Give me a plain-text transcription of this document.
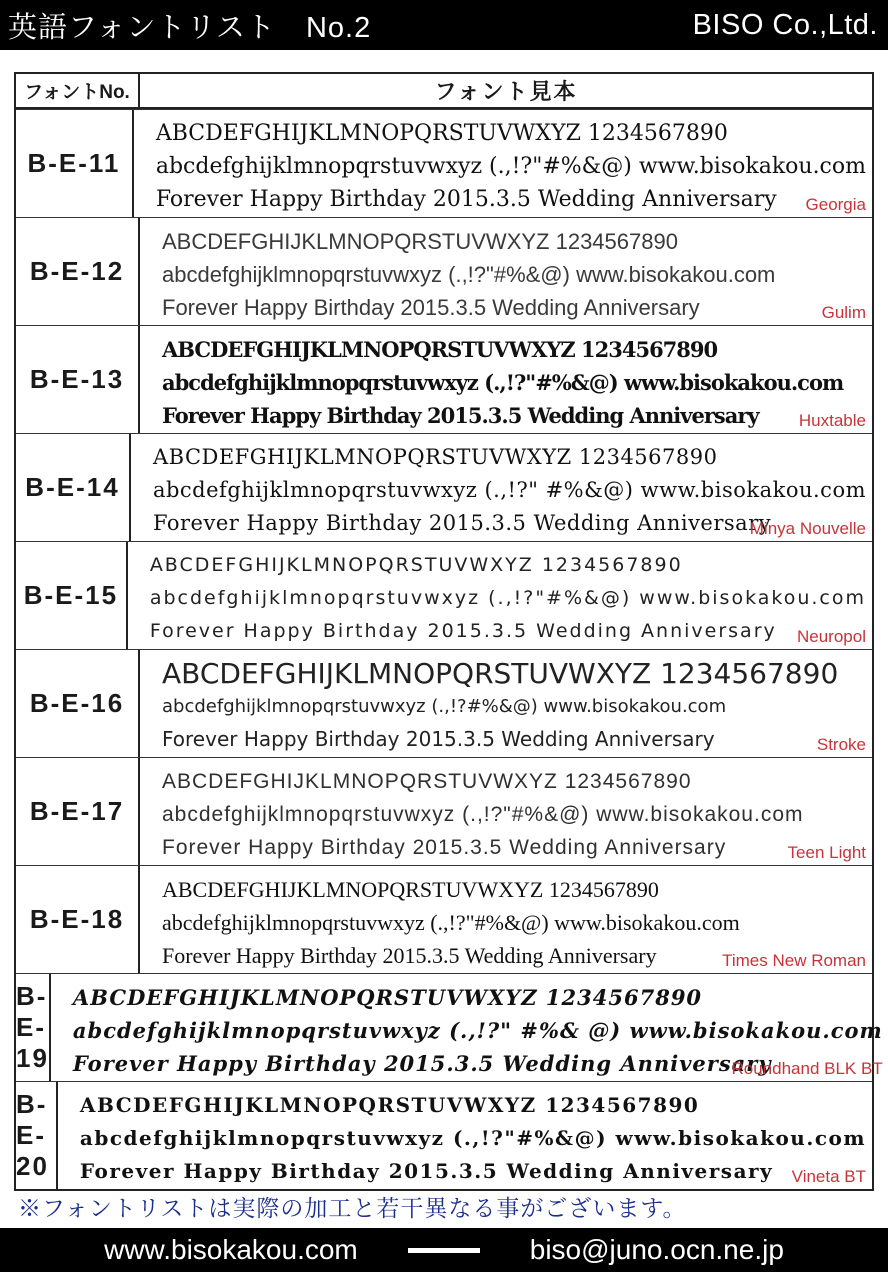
英語フォントリスト　No.2	BISO Co.,Ltd.
フォントNo.	フォント見本
B-E-11
ABCDEFGHIJKLMNOPQRSTUVWXYZ 1234567890
abcdefghijklmnopqrstuvwxyz (.,!?"#%&@) www.bisokakou.com
Forever Happy Birthday 2015.3.5 Wedding Anniversary	Georgia
B-E-12
ABCDEFGHIJKLMNOPQRSTUVWXYZ 1234567890
abcdefghijklmnopqrstuvwxyz (.,!?"#%&@) www.bisokakou.com
Forever Happy Birthday 2015.3.5 Wedding Anniversary	Gulim
B-E-13
ABCDEFGHIJKLMNOPQRSTUVWXYZ 1234567890
abcdefghijklmnopqrstuvwxyz (.,!?"#%&@) www.bisokakou.com
Forever Happy Birthday 2015.3.5 Wedding Anniversary	Huxtable
B-E-14
ABCDEFGHIJKLMNOPQRSTUVWXYZ 1234567890
abcdefghijklmnopqrstuvwxyz (.,!?" #%&@) www.bisokakou.com
Forever Happy Birthday 2015.3.5 Wedding Anniversary
Minya Nouvelle
B-E-15
ABCDEFGHIJKLMNOPQRSTUVWXYZ 1234567890
abcdefghijklmnopqrstuvwxyz (.,!?"#%&@) www.bisokakou.com
Forever Happy Birthday 2015.3.5 Wedding Anniversary	Neuropol
B-E-16
ABCDEFGHIJKLMNOPQRSTUVWXYZ 1234567890
abcdefghijklmnopqrstuvwxyz (.,!?#%&@) www.bisokakou.com
Forever Happy Birthday 2015.3.5 Wedding Anniversary	Stroke
B-E-17
ABCDEFGHIJKLMNOPQRSTUVWXYZ 1234567890
abcdefghijklmnopqrstuvwxyz (.,!?"#%&@) www.bisokakou.com
Forever Happy Birthday 2015.3.5 Wedding Anniversary	Teen Light
B-E-18
ABCDEFGHIJKLMNOPQRSTUVWXYZ 1234567890
abcdefghijklmnopqrstuvwxyz (.,!?"#%&@) www.bisokakou.com
Forever Happy Birthday 2015.3.5 Wedding Anniversary	Times New Roman
B-E-19
ABCDEFGHIJKLMNOPQRSTUVWXYZ 1234567890
abcdefghijklmnopqrstuvwxyz (.,!?" #%& @) www.bisokakou.com
Forever Happy Birthday 2015.3.5 Wedding Anniversary
Roundhand BLK BT
B-E-20
ABCDEFGHIJKLMNOPQRSTUVWXYZ 1234567890
abcdefghijklmnopqrstuvwxyz (.,!?"#%&@) www.bisokakou.com
Forever Happy Birthday 2015.3.5 Wedding Anniversary	Vineta BT
※フォントリストは実際の加工と若干異なる事がございます。
www.bisokakou.com	biso@juno.ocn.ne.jp
